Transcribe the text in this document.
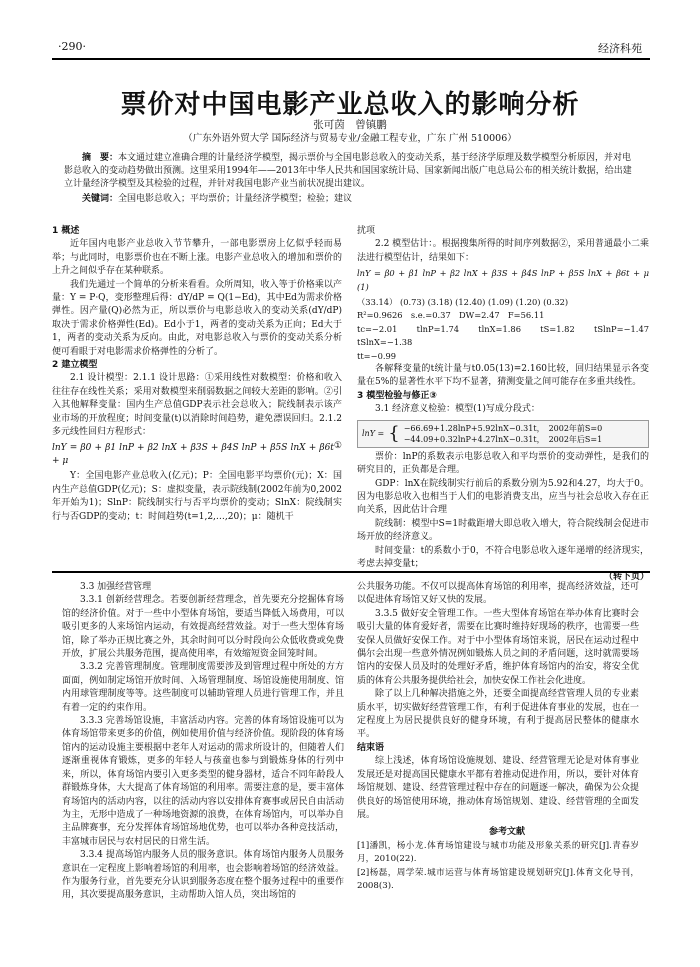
·290·	经济科苑
票价对中国电影产业总收入的影响分析
张可茵　曾镇鹏
（广东外语外贸大学 国际经济与贸易专业/金融工程专业，广东 广州 510006）
摘　要：本文通过建立准确合理的计量经济学模型，揭示票价与全国电影总收入的变动关系，基于经济学原理及数学模型分析原因，并对电影总收入的变动趋势做出预测。这里采用1994年——2013年中华人民共和国国家统计局、国家新闻出版广电总局公布的相关统计数据，给出建立计量经济学模型及其检验的过程，并针对我国电影产业当前状况提出建议。
关键词：全国电影总收入；平均票价；计量经济学模型；检验；建议

1 概述

近年国内电影产业总收入节节攀升，一部电影票房上亿似乎轻而易举；与此同时，电影票价也在不断上涨。电影产业总收入的增加和票价的上升之间似乎存在某种联系。

我们先通过一个简单的分析来看看。众所周知，收入等于价格乘以产量：Y = P·Q，变形整理后得：dY/dP = Q(1−Ed)，其中Ed为需求价格弹性。因产量(Q)必然为正，所以票价与电影总收入的变动关系(dY/dP)取决于需求价格弹性(Ed)。Ed小于1，两者的变动关系为正向；Ed大于1，两者的变动关系为反向。由此，对电影总收入与票价的变动关系分析便可看眼于对电影需求价格弹性的分析了。

2 建立模型

2.1 设计模型：2.1.1 设计思路：①采用线性对数模型：价格和收入往往存在线性关系；采用对数模型来削弱数据之间较大差距的影响。②引入其他解释变量：国内生产总值GDP表示社会总收入；院线制表示该产业市场的开放程度；时间变量(t)以消除时间趋势，避免漂误回归。2.1.2 多元线性回归方程形式：

lnY = β0 + β1 lnP + β2 lnX + β3S + β4S lnP + β5S lnX + β6t + μ

①

Y：全国电影产业总收入(亿元)；P：全国电影平均票价(元)；X：国内生产总值GDP(亿元)；S：虚拟变量，表示院线制(2002年前为0,2002年开始为1)；SlnP：院线制实行与否平均票价的变动；SlnX：院线制实行与否GDP的变动；t：时间趋势(t=1,2,…,20)；μ：随机干

扰项

2.2 模型估计：。根据搜集所得的时间序列数据②，采用普通最小二乘法进行模型估计，结果如下：

lnY = β0 + β1 lnP + β2 lnX + β3S + β4S lnP + β5S lnX + β6t + μ　(1)

（33.14） (0.73) (3.18) (12.40) (1.09) (1.20) (0.32)

R²=0.9626　s.e.=0.37　DW=2.47　F=56.11

tc=−2.01　tlnP=1.74　tlnX=1.86　tS=1.82　tSlnP=−1.47　tSlnX=−1.38

tt=−0.99

各解释变量的t统计量与t0.05(13)=2.160比较，回归结果显示各变量在5%的显著性水平下均不显著，猜测变量之间可能存在多重共线性。

3 模型检验与修正③

3.1 经济意义检验：模型(1)写成分段式：

lnY = { −66.69+1.28lnP+5.92lnX−0.31t，　2002年前S=0
−44.09+0.32lnP+4.27lnX−0.31t，　2002年后S=1

票价：lnP的系数表示电影总收入和平均票价的变动弹性，是我们的研究目的，正负都是合理。

GDP：lnX在院线制实行前后的系数分别为5.92和4.27，均大于0。因为电影总收入也相当于人们的电影消费支出，应当与社会总收入存在正向关系，因此估计合理

院线制：模型中S=1时截距增大即总收入增大，符合院线制会促进市场开放的经济意义。

时间变量：t的系数小于0，不符合电影总收入逐年递增的经济现实，考虑去掉变量t；

（转下页）

3.3 加强经营管理

3.3.1 创新经营理念。若要创新经营理念，首先要充分挖掘体育场馆的经济价值。对于一些中小型体育场馆，要适当降低入场费用，可以吸引更多的人来场馆内运动，有效提高经营效益。对于一些大型体育场馆，除了举办正规比赛之外，其余时间可以分时段向公众低收费或免费开放，扩展公共服务范围，提高使用率，有效缩短资金回笼时间。

3.3.2 完善管理制度。管理制度需要涉及到管理过程中所处的方方面面，例如制定场馆开放时间、入场管理制度、场馆设施使用制度、馆内用球管理制度等等。这些制度可以辅助管理人员进行管理工作，并且有着一定的约束作用。

3.3.3 完善场馆设施，丰富活动内容。完善的体育场馆设施可以为体育场馆带来更多的价值，例如使用价值与经济价值。现阶段的体育场馆内的运动设施主要根据中老年人对运动的需求所设计的，但随着人们逐渐重视体育锻炼，更多的年轻人与孩童也参与到锻炼身体的行列中来，所以，体育场馆内要引入更多类型的健身器材，适合不同年龄段人群锻炼身体，大大提高了体育场馆的利用率。需要注意的是，要丰富体育场馆内的活动内容，以往的活动内容以安排体育赛事或居民自由活动为主，无形中造成了一种场地资源的浪费，在体育场馆内，可以举办自主品牌赛事，充分发挥体育场馆场地优势，也可以举办各种竞技活动，丰富城市居民与农村居民的日常生活。

3.3.4 提高场馆内服务人员的服务意识。体育场馆内服务人员服务意识在一定程度上影响着场馆的利用率，也会影响着场馆的经济效益。作为服务行业，首先要充分认识到服务态度在整个服务过程中的重要作用，其次要提高服务意识，主动帮助入馆人员，突出场馆的

公共服务功能。不仅可以提高体育场馆的利用率，提高经济效益，还可以促进体育场馆又好又快的发展。

3.3.5 做好安全管理工作。一些大型体育场馆在举办体育比赛时会吸引大量的体育爱好者，需要在比赛时维持好现场的秩序，也需要一些安保人员做好安保工作。对于中小型体育场馆来说，居民在运动过程中偶尔会出现一些意外情况例如锻炼人员之间的矛盾问题，这时就需要场馆内的安保人员及时的处理好矛盾，维护体育场馆内的治安，将安全优质的体育公共服务提供给社会，加快安保工作社会化进度。

除了以上几种解决措施之外，还要全面提高经营管理人员的专业素质水平，切实做好经营管理工作，有利于促进体育事业的发展，也在一定程度上为居民提供良好的健身环境，有利于提高居民整体的健康水平。

结束语

综上浅述，体育场馆设施规划、建设、经营管理无论是对体育事业发展还是对提高国民健康水平都有着推动促进作用，所以，要针对体育场馆规划、建设、经营管理过程中存在的问题逐一解决，确保为公众提供良好的场馆使用环境，推动体育场馆规划、建设、经营管理的全面发展。

参考文献

[1]潘凯，杨小龙.体育场馆建设与城市功能及形象关系的研究[J].青春岁月，2010(22).

[2]杨磊，周学荣.城市运营与体育场馆建设规划研究[J].体育文化导刊，2008(3).
